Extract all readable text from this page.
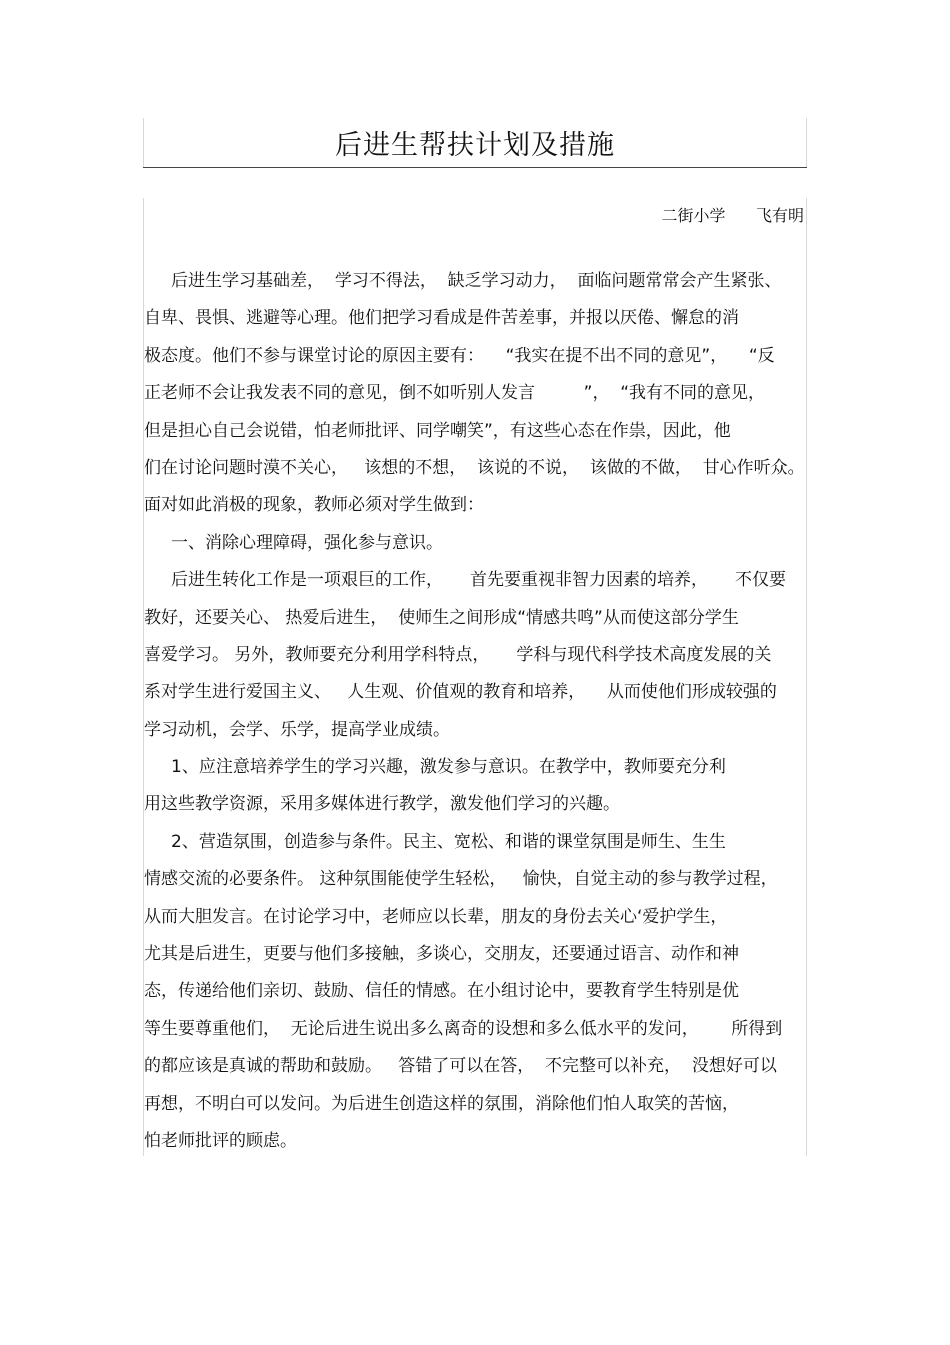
后进生帮扶计划及措施
二街小学      飞有明
后进生学习基础差，  学习不得法，  缺乏学习动力，  面临问题常常会产生紧张、
自卑、畏惧、逃避等心理。他们把学习看成是件苦差事，并报以厌倦、懈怠的消
极态度。他们不参与课堂讨论的原因主要有：    “我实在提不出不同的意见”，    “反
正老师不会让我发表不同的意见，倒不如听别人发言         ”，  “我有不同的意见，
但是担心自己会说错，怕老师批评、同学嘲笑”，有这些心态在作祟，因此，他
们在讨论问题时漠不关心，   该想的不想，  该说的不说，  该做的不做，  甘心作听众。
面对如此消极的现象，教师必须对学生做到：
一、消除心理障碍，强化参与意识。
后进生转化工作是一项艰巨的工作，     首先要重视非智力因素的培养，     不仅要
教好，还要关心、 热爱后进生，  使师生之间形成“情感共鸣”从而使这部分学生
喜爱学习。 另外，教师要充分利用学科特点，     学科与现代科学技术高度发展的关
系对学生进行爱国主义、   人生观、价值观的教育和培养，    从而使他们形成较强的
学习动机，会学、乐学，提高学业成绩。
1、应注意培养学生的学习兴趣，激发参与意识。在教学中，教师要充分利
用这些教学资源，采用多媒体进行教学，激发他们学习的兴趣。
2、营造氛围，创造参与条件。民主、宽松、和谐的课堂氛围是师生、生生
情感交流的必要条件。 这种氛围能使学生轻松，   愉快，自觉主动的参与教学过程，
从而大胆发言。在讨论学习中，老师应以长辈，朋友的身份去关心‘爱护学生，
尤其是后进生，更要与他们多接触，多谈心，交朋友，还要通过语言、动作和神
态，传递给他们亲切、鼓励、信任的情感。在小组讨论中，要教育学生特别是优
等生要尊重他们，  无论后进生说出多么离奇的设想和多么低水平的发问，      所得到
的都应该是真诚的帮助和鼓励。   答错了可以在答，  不完整可以补充，  没想好可以
再想，不明白可以发问。为后进生创造这样的氛围，消除他们怕人取笑的苦恼，
怕老师批评的顾虑。
